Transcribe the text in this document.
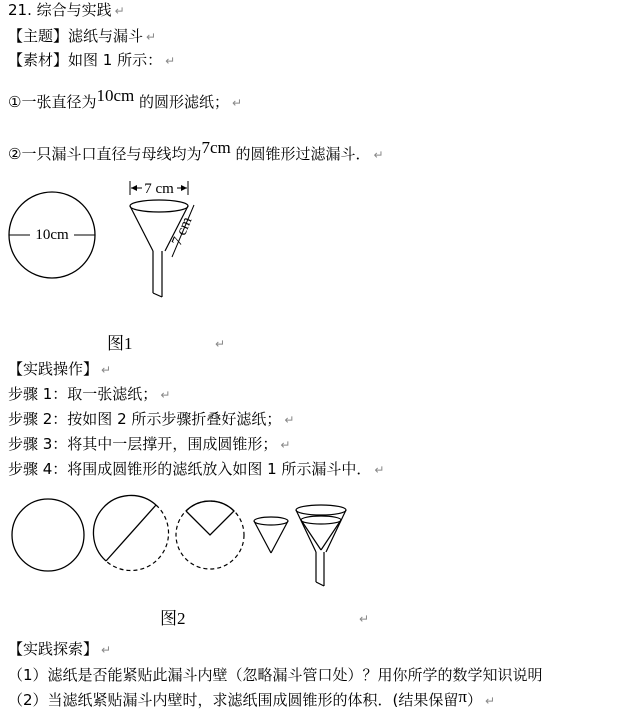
21. 综合与实践 ↵
【主题】滤纸与漏斗 ↵
【素材】如图 1 所示： ↵
①一张直径为10cm 的圆形滤纸； ↵
②一只漏斗口直径与母线均为7cm 的圆锥形过滤漏斗． ↵
10cm
7 cm
7 cm
图1	↵
【实践操作】 ↵
步骤 1：取一张滤纸； ↵
步骤 2：按如图 2 所示步骤折叠好滤纸； ↵
步骤 3：将其中一层撑开，围成圆锥形； ↵
步骤 4：将围成圆锥形的滤纸放入如图 1 所示漏斗中． ↵
图2	↵
【实践探索】 ↵
（1）滤纸是否能紧贴此漏斗内壁（忽略漏斗管口处）？用你所学的数学知识说明
（2）当滤纸紧贴漏斗内壁时，求滤纸围成圆锥形的体积．(结果保留π） ↵
